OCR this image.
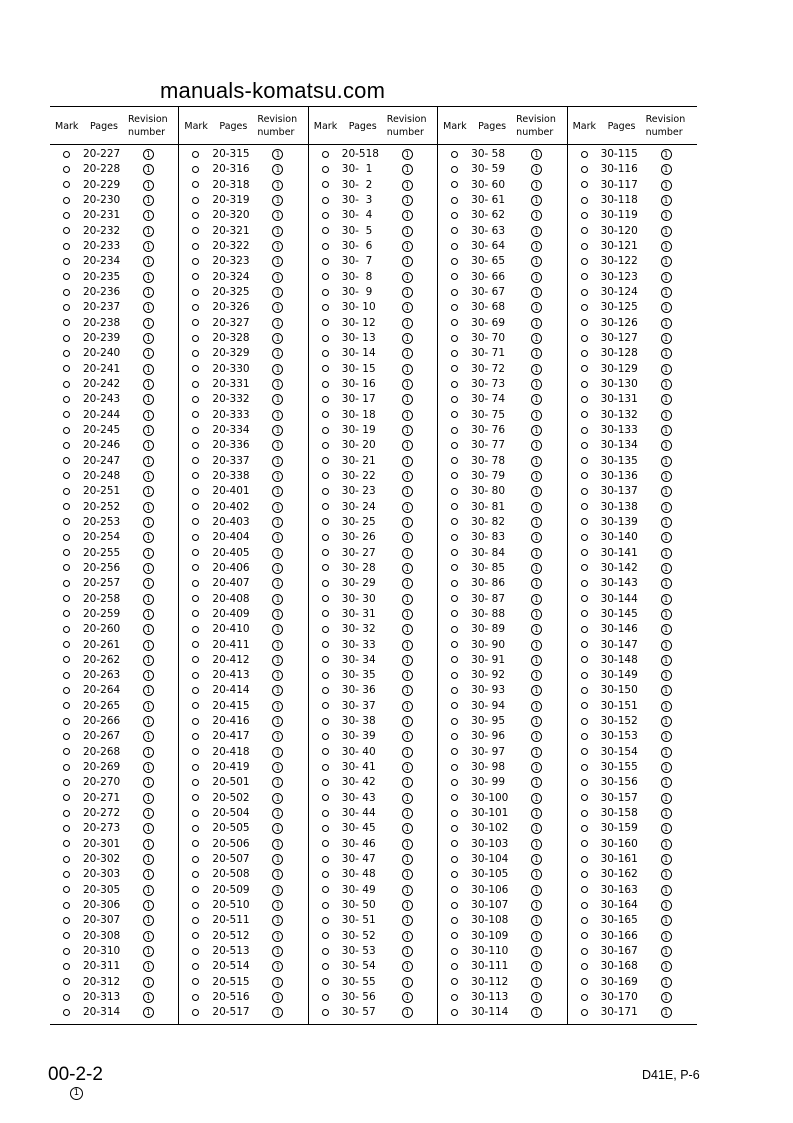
manuals-komatsu.com
Mark Pages
Revision
number
20-227	1
20-228	1
20-229	1
20-230	1
20-231	1
20-232	1
20-233	1
20-234	1
20-235	1
20-236	1
20-237	1
20-238	1
20-239	1
20-240	1
20-241	1
20-242	1
20-243	1
20-244	1
20-245	1
20-246	1
20-247	1
20-248	1
20-251	1
20-252	1
20-253	1
20-254	1
20-255	1
20-256	1
20-257	1
20-258	1
20-259	1
20-260	1
20-261	1
20-262	1
20-263	1
20-264	1
20-265	1
20-266	1
20-267	1
20-268	1
20-269	1
20-270	1
20-271	1
20-272	1
20-273	1
20-301	1
20-302	1
20-303	1
20-305	1
20-306	1
20-307	1
20-308	1
20-310	1
20-311	1
20-312	1
20-313	1
20-314	1
Mark Pages
Revision
number
20-315	1
20-316	1
20-318	1
20-319	1
20-320	1
20-321	1
20-322	1
20-323	1
20-324	1
20-325	1
20-326	1
20-327	1
20-328	1
20-329	1
20-330	1
20-331	1
20-332	1
20-333	1
20-334	1
20-336	1
20-337	1
20-338	1
20-401	1
20-402	1
20-403	1
20-404	1
20-405	1
20-406	1
20-407	1
20-408	1
20-409	1
20-410	1
20-411	1
20-412	1
20-413	1
20-414	1
20-415	1
20-416	1
20-417	1
20-418	1
20-419	1
20-501	1
20-502	1
20-504	1
20-505	1
20-506	1
20-507	1
20-508	1
20-509	1
20-510	1
20-511	1
20-512	1
20-513	1
20-514	1
20-515	1
20-516	1
20-517	1
Mark Pages
Revision
number
20-518	1
30-  1	1
30-  2	1
30-  3	1
30-  4	1
30-  5	1
30-  6	1
30-  7	1
30-  8	1
30-  9	1
30- 10	1
30- 12	1
30- 13	1
30- 14	1
30- 15	1
30- 16	1
30- 17	1
30- 18	1
30- 19	1
30- 20	1
30- 21	1
30- 22	1
30- 23	1
30- 24	1
30- 25	1
30- 26	1
30- 27	1
30- 28	1
30- 29	1
30- 30	1
30- 31	1
30- 32	1
30- 33	1
30- 34	1
30- 35	1
30- 36	1
30- 37	1
30- 38	1
30- 39	1
30- 40	1
30- 41	1
30- 42	1
30- 43	1
30- 44	1
30- 45	1
30- 46	1
30- 47	1
30- 48	1
30- 49	1
30- 50	1
30- 51	1
30- 52	1
30- 53	1
30- 54	1
30- 55	1
30- 56	1
30- 57	1
Mark Pages
Revision
number
30- 58	1
30- 59	1
30- 60	1
30- 61	1
30- 62	1
30- 63	1
30- 64	1
30- 65	1
30- 66	1
30- 67	1
30- 68	1
30- 69	1
30- 70	1
30- 71	1
30- 72	1
30- 73	1
30- 74	1
30- 75	1
30- 76	1
30- 77	1
30- 78	1
30- 79	1
30- 80	1
30- 81	1
30- 82	1
30- 83	1
30- 84	1
30- 85	1
30- 86	1
30- 87	1
30- 88	1
30- 89	1
30- 90	1
30- 91	1
30- 92	1
30- 93	1
30- 94	1
30- 95	1
30- 96	1
30- 97	1
30- 98	1
30- 99	1
30-100	1
30-101	1
30-102	1
30-103	1
30-104	1
30-105	1
30-106	1
30-107	1
30-108	1
30-109	1
30-110	1
30-111	1
30-112	1
30-113	1
30-114	1
Mark Pages
Revision
number
30-115	1
30-116	1
30-117	1
30-118	1
30-119	1
30-120	1
30-121	1
30-122	1
30-123	1
30-124	1
30-125	1
30-126	1
30-127	1
30-128	1
30-129	1
30-130	1
30-131	1
30-132	1
30-133	1
30-134	1
30-135	1
30-136	1
30-137	1
30-138	1
30-139	1
30-140	1
30-141	1
30-142	1
30-143	1
30-144	1
30-145	1
30-146	1
30-147	1
30-148	1
30-149	1
30-150	1
30-151	1
30-152	1
30-153	1
30-154	1
30-155	1
30-156	1
30-157	1
30-158	1
30-159	1
30-160	1
30-161	1
30-162	1
30-163	1
30-164	1
30-165	1
30-166	1
30-167	1
30-168	1
30-169	1
30-170	1
30-171	1
00-2-2
1
D41E, P-6
